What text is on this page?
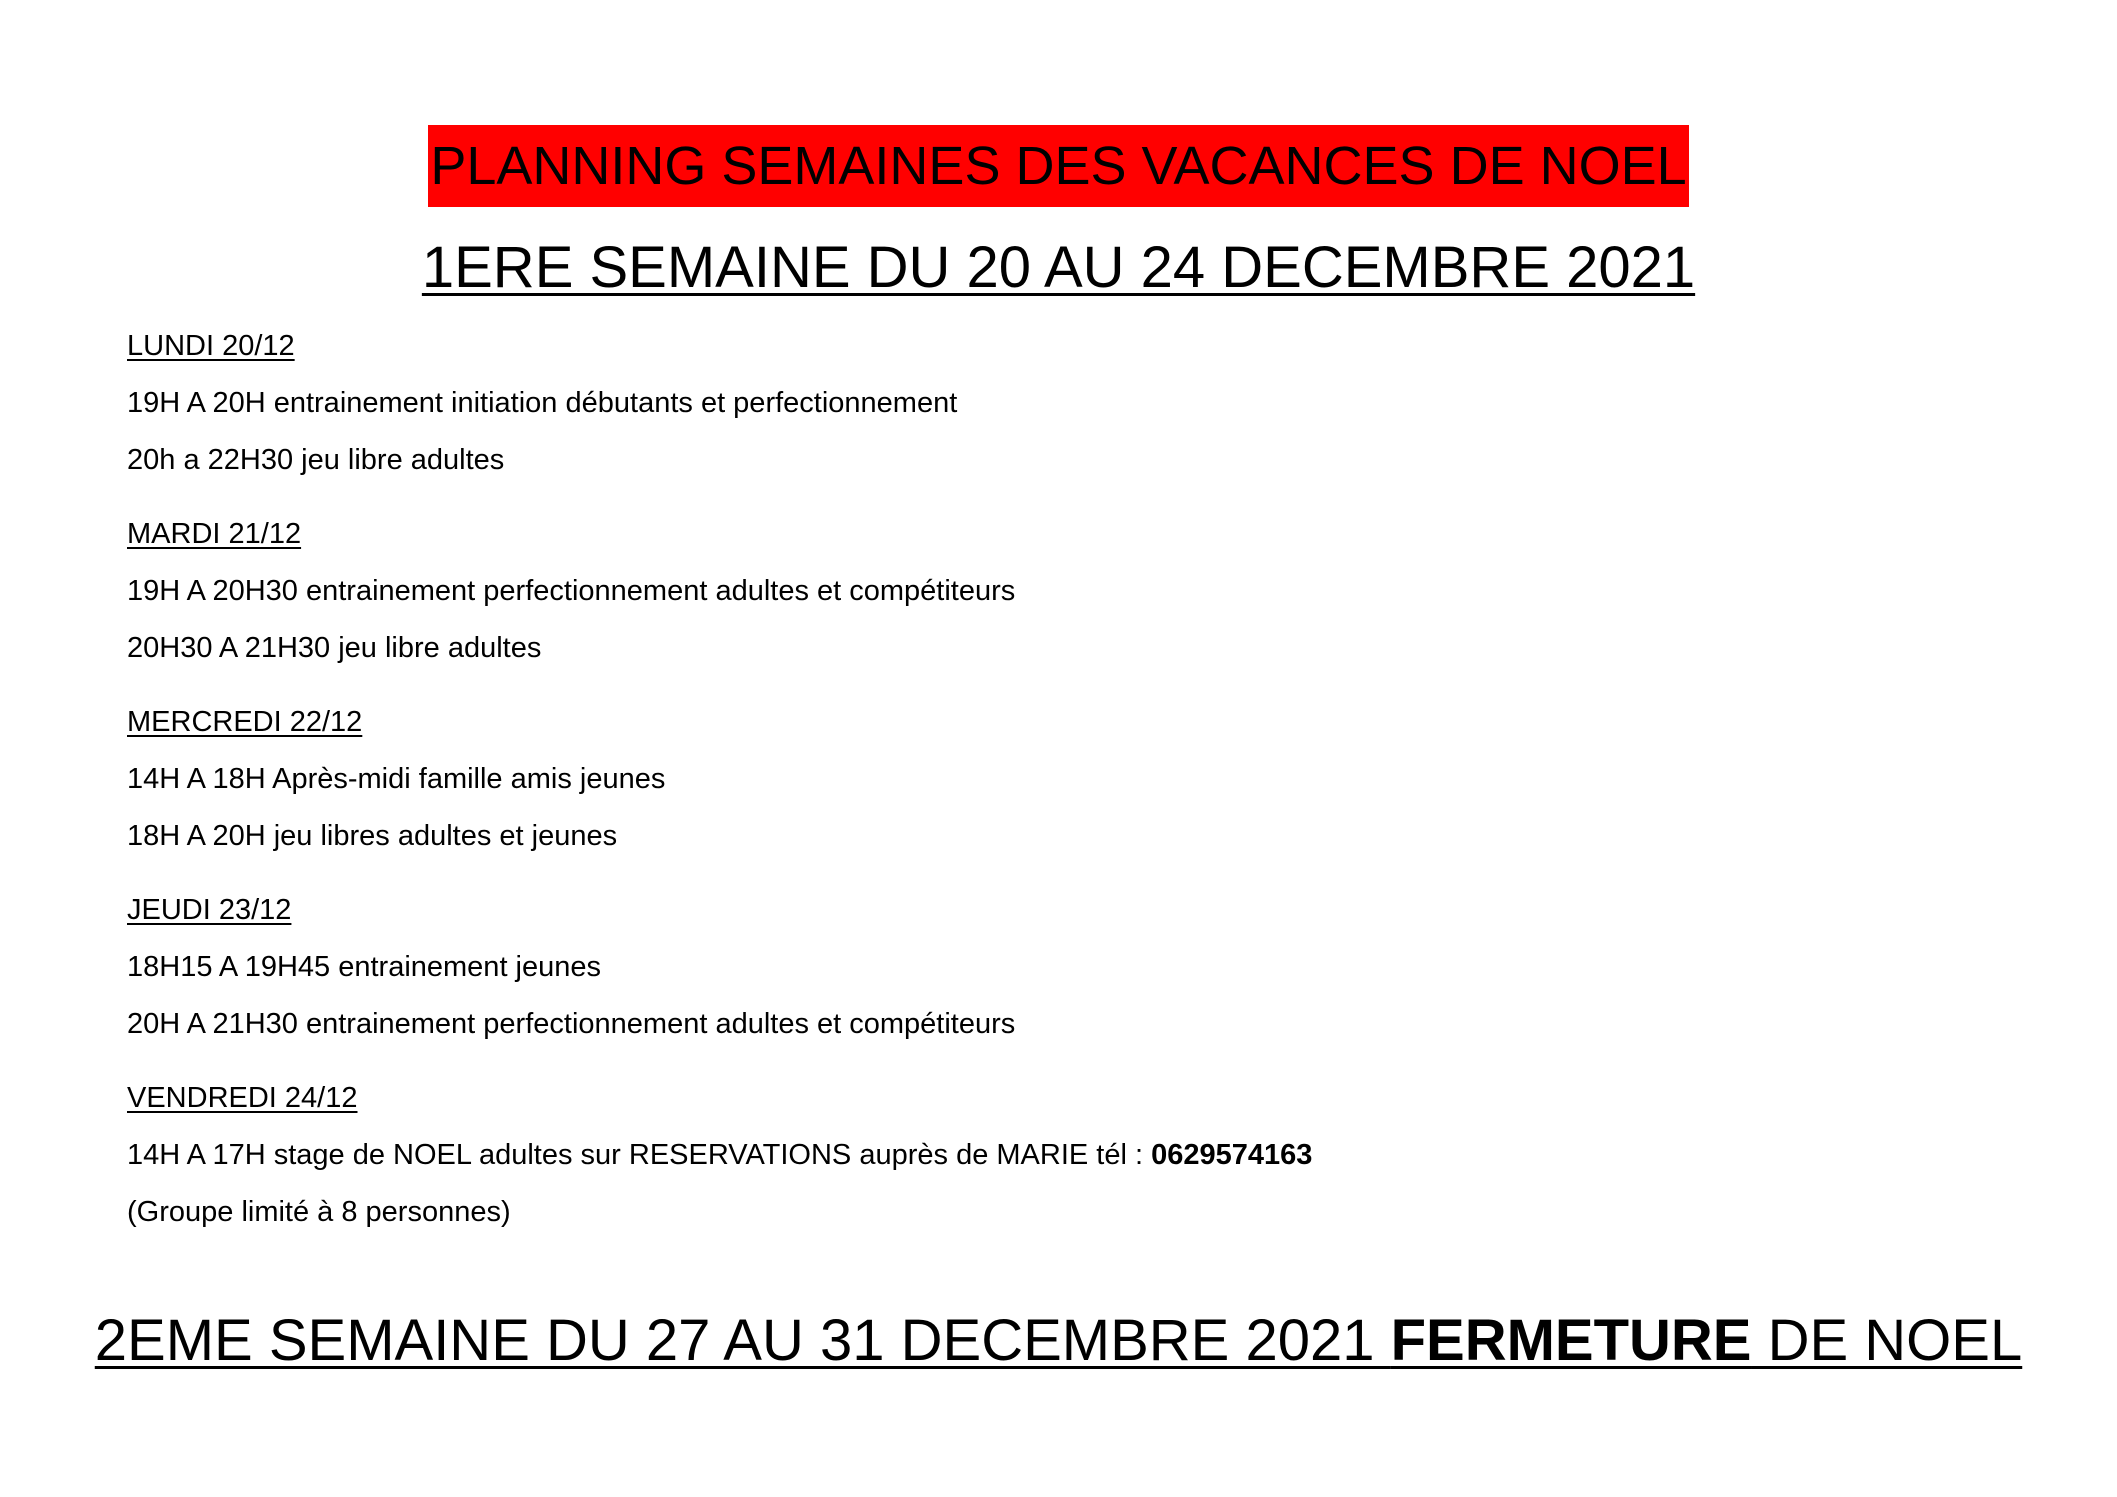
PLANNING SEMAINES DES VACANCES DE NOEL
1ERE SEMAINE DU 20 AU 24 DECEMBRE 2021
LUNDI 20/12
19H A 20H entrainement initiation débutants et perfectionnement
20h a 22H30 jeu libre adultes
MARDI 21/12
19H A 20H30 entrainement perfectionnement adultes et compétiteurs
20H30 A 21H30 jeu libre adultes
MERCREDI 22/12
14H A 18H Après-midi famille amis jeunes
18H A 20H jeu libres adultes et jeunes
JEUDI 23/12
18H15 A 19H45 entrainement jeunes
20H A 21H30 entrainement perfectionnement adultes et compétiteurs
VENDREDI 24/12
14H A 17H stage de NOEL adultes sur RESERVATIONS auprès de MARIE tél : 0629574163
(Groupe limité à 8 personnes)
2EME SEMAINE DU 27 AU 31 DECEMBRE 2021 FERMETURE DE NOEL
